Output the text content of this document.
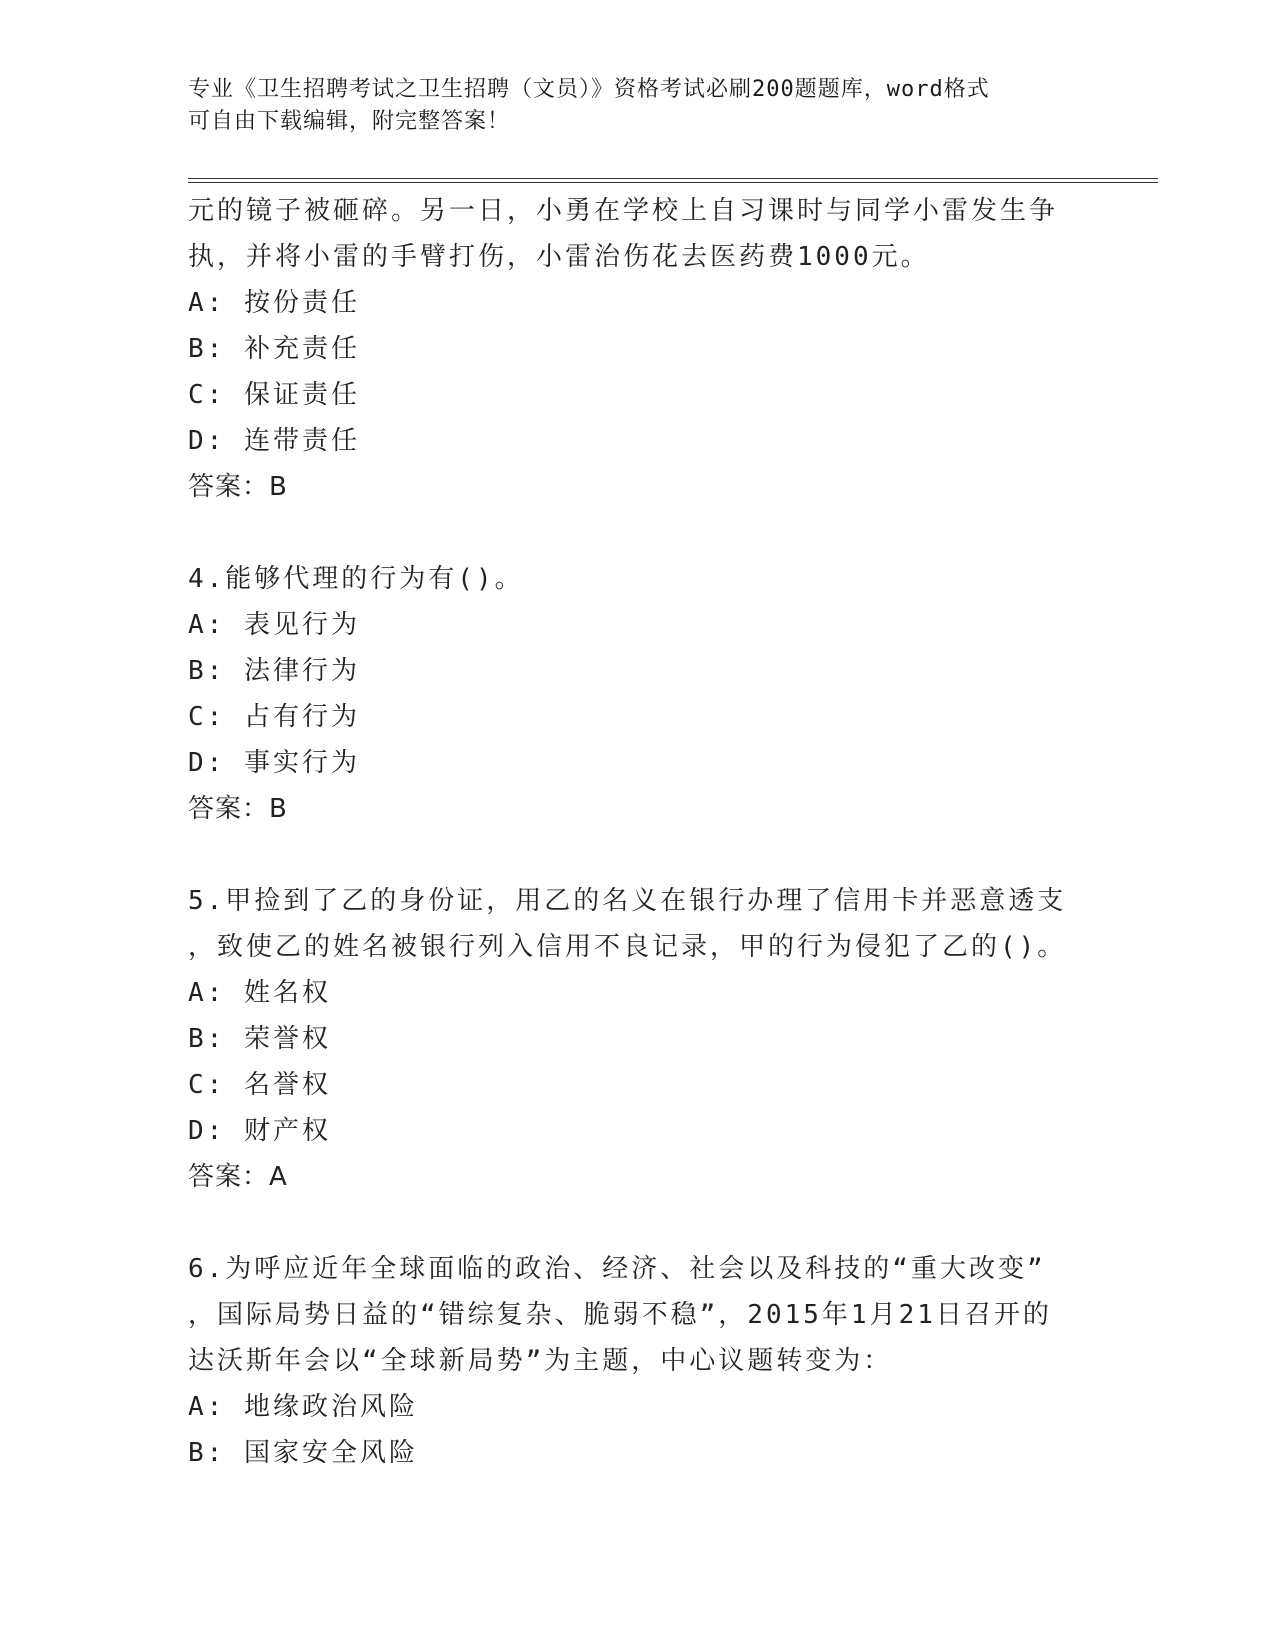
专业《卫生招聘考试之卫生招聘（文员）》资格考试必刷200题题库，word格式
可自由下载编辑，附完整答案！
元的镜子被砸碎。另一日，小勇在学校上自习课时与同学小雷发生争
执，并将小雷的手臂打伤，小雷治伤花去医药费1000元。
A: 按份责任
B: 补充责任
C: 保证责任
D: 连带责任
答案：B
4.能够代理的行为有()。
A: 表见行为
B: 法律行为
C: 占有行为
D: 事实行为
答案：B
5.甲捡到了乙的身份证，用乙的名义在银行办理了信用卡并恶意透支
，致使乙的姓名被银行列入信用不良记录，甲的行为侵犯了乙的()。
A: 姓名权
B: 荣誉权
C: 名誉权
D: 财产权
答案：A
6.为呼应近年全球面临的政治、经济、社会以及科技的“重大改变”
，国际局势日益的“错综复杂、脆弱不稳”，2015年1月21日召开的
达沃斯年会以“全球新局势”为主题，中心议题转变为：
A: 地缘政治风险
B: 国家安全风险
